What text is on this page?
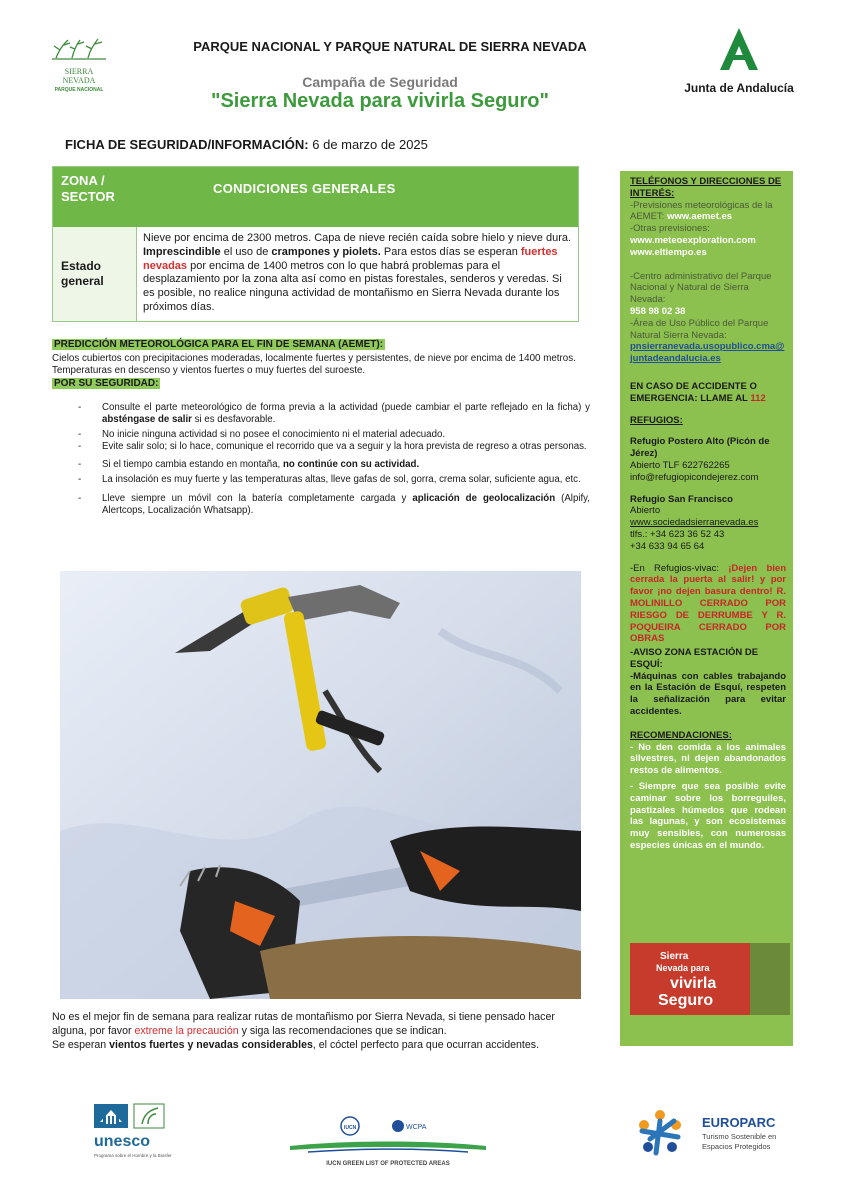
SIERRA
NEVADA
PARQUE NACIONAL
PARQUE NACIONAL Y PARQUE NATURAL DE SIERRA NEVADA
Campaña de Seguridad
"Sierra Nevada para vivirla Seguro"
Junta de Andalucía
FICHA DE SEGURIDAD/INFORMACIÓN: 6 de marzo de 2025
ZONA /
SECTOR
CONDICIONES GENERALES
Estado
general
Nieve por encima de 2300 metros. Capa de nieve recién caída sobre hielo y nieve dura. Imprescindible el uso de crampones y piolets. Para estos días se esperan fuertes nevadas por encima de 1400 metros con lo que habrá problemas para el desplazamiento por la zona alta así como en pistas forestales, senderos y veredas. Si es posible, no realice ninguna actividad de montañismo en Sierra Nevada durante los próximos días.
PREDICCIÓN METEOROLÓGICA PARA EL FIN DE SEMANA (AEMET):
Cielos cubiertos con precipitaciones moderadas, localmente fuertes y persistentes, de nieve por encima de 1400 metros. Temperaturas en descenso y vientos fuertes o muy fuertes del suroeste.
POR SU SEGURIDAD:
- Consulte el parte meteorológico de forma previa a la actividad (puede cambiar el parte reflejado en la ficha) y absténgase de salir si es desfavorable.
- No inicie ninguna actividad si no posee el conocimiento ni el material adecuado.
- Evite salir solo; si lo hace, comunique el recorrido que va a seguir y la hora prevista de regreso a otras personas.
- Si el tiempo cambia estando en montaña, no continúe con su actividad.
- La insolación es muy fuerte y las temperaturas altas, lleve gafas de sol, gorra, crema solar, suficiente agua, etc.
- Lleve siempre un móvil con la batería completamente cargada y aplicación de geolocalización (Alpify, Alertcops, Localización Whatsapp).
No es el mejor fin de semana para realizar rutas de montañismo por Sierra Nevada, si tiene pensado hacer alguna, por favor extreme la precaución y siga las recomendaciones que se indican.
Se esperan vientos fuertes y nevadas considerables, el cóctel perfecto para que ocurran accidentes.

TELÉFONOS Y DIRECCIONES DE INTERÉS:

-Previsiones meteorológicas de la AEMET: www.aemet.es

-Otras previsiones:

www.meteoexploration.com

www.eltiempo.es

-Centro administrativo del Parque Nacional y Natural de Sierra Nevada:

958 98 02 38

-Área de Uso Público del Parque Natural Sierra Nevada:

pnsierranevada.usopublico.cma@juntadeandalucia.es

EN CASO DE ACCIDENTE O EMERGENCIA: LLAME AL 112

REFUGIOS:

Refugio Postero Alto (Picón de Jérez)

Abierto TLF 622762265

info@refugiopicondejerez.com

Refugio San Francisco

Abierto

www.sociedadsierranevada.es

tlfs.: +34 623 36 52 43

+34 633 94 65 64

-En Refugios-vivac: ¡Dejen bien cerrada la puerta al salir! y por favor ¡no dejen basura dentro! R. MOLINILLO CERRADO POR RIESGO DE DERRUMBE Y R. POQUEIRA CERRADO POR OBRAS

-AVISO ZONA ESTACIÓN DE ESQUÍ:

-Máquinas con cables trabajando en la Estación de Esquí, respeten la señalización para evitar accidentes.

RECOMENDACIONES:

- No den comida a los animales silvestres, ni dejen abandonados restos de alimentos.

- Siempre que sea posible evite caminar sobre los borreguiles, pastizales húmedos que rodean las lagunas, y son ecosistemas muy sensibles, con numerosas especies únicas en el mundo.

Sierra
Nevada para
vivirla
Seguro
unesco
Programa sobre el Hombre y la Biosfera
IUCN	WCPA
IUCN GREEN LIST OF PROTECTED AREAS
EUROPARC
Turismo Sostenible en
Espacios Protegidos
